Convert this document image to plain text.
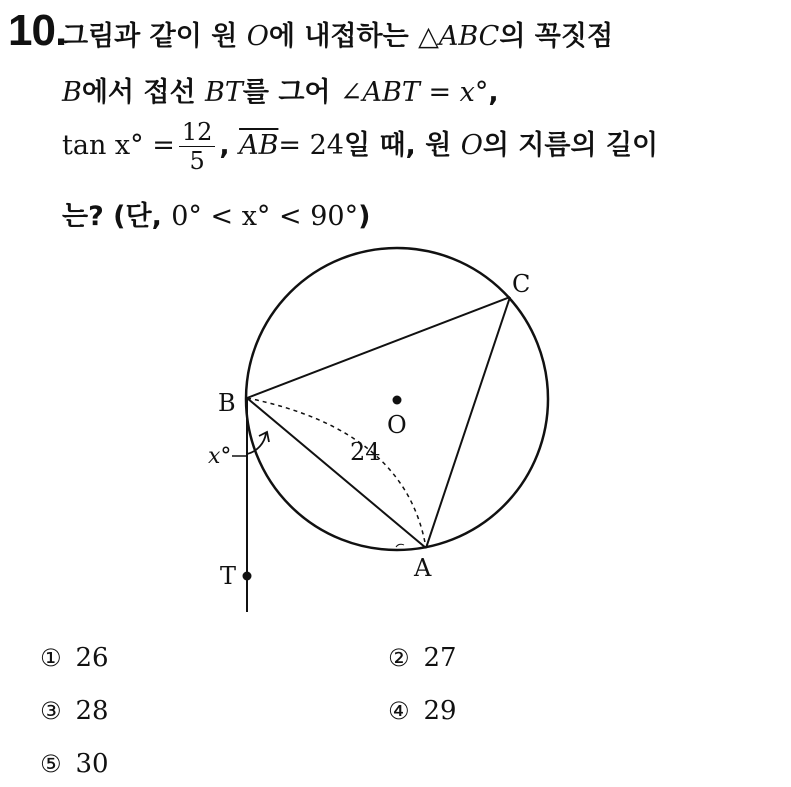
10.
그림과 같이 원 O에 내접하는 △ABC의 꼭짓점
B에서 접선 BT를 그어 ∠ABT = x°,
$\tan x^\circ = \frac{12}{5}$ , $\overline{AB}= 24$일 때, 원 O의 지름의 길이
는? (단, 0° < x° < 90°)
C
B
O
x°	24
T	A
① 26	② 27
③ 28	④ 29
⑤ 30
